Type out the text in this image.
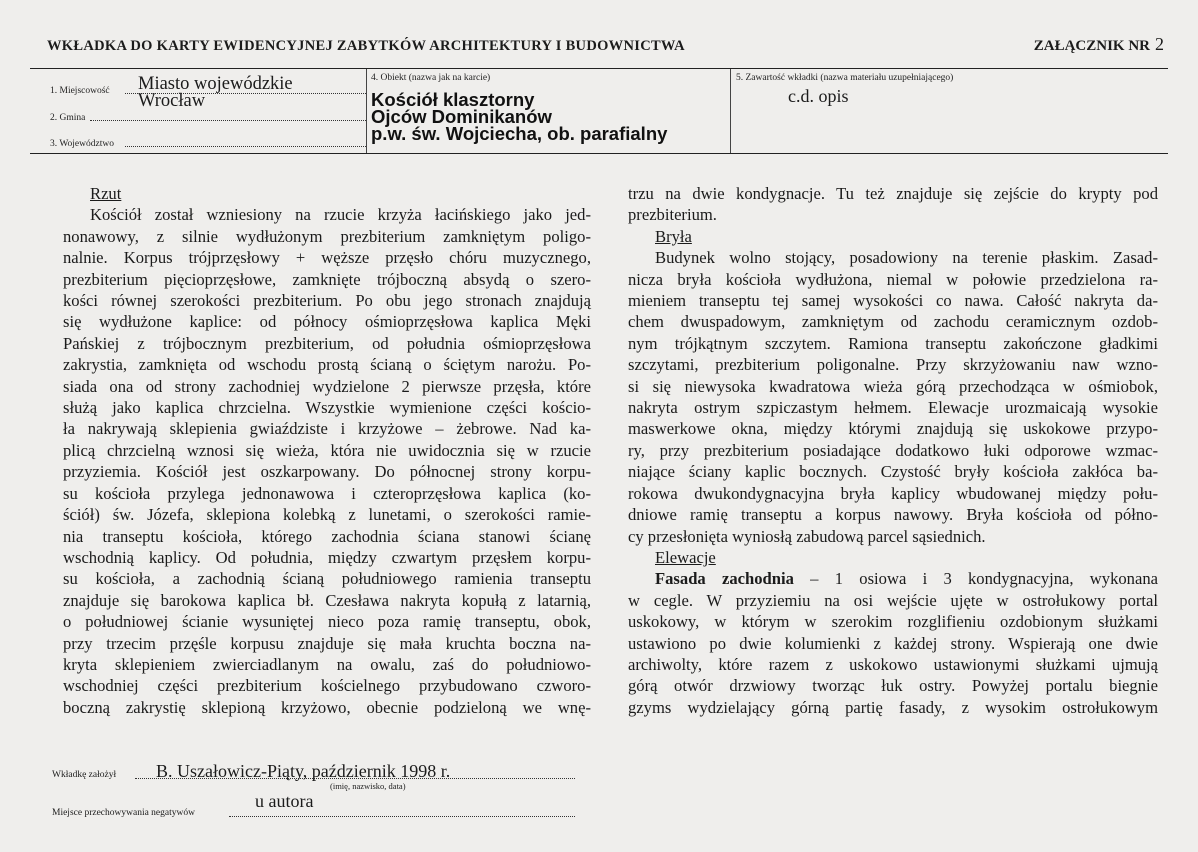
WKŁADKA DO KARTY EWIDENCYJNEJ ZABYTKÓW ARCHITEKTURY I BUDOWNICTWA	ZAŁĄCZNIK NR 2
1. Miejscowość Miasto wojewódzkie
Wrocław
2. Gmina
3. Województwo
4. Obiekt (nazwa jak na karcie)
Kościół klasztorny
Ojców Dominikanów
p.w. św. Wojciecha, ob. parafialny
5. Zawartość wkładki (nazwa materiału uzupełniającego)
c.d. opis
Rzut
Kościół został wzniesiony na rzucie krzyża łacińskiego jako jed-
nonawowy, z silnie wydłużonym prezbiterium zamkniętym poligo-
nalnie. Korpus trójprzęsłowy + węższe przęsło chóru muzycznego,
prezbiterium pięcioprzęsłowe, zamknięte trójboczną absydą o szero-
kości równej szerokości prezbiterium. Po obu jego stronach znajdują
się wydłużone kaplice: od północy ośmioprzęsłowa kaplica Męki
Pańskiej z trójbocznym prezbiterium, od południa ośmioprzęsłowa
zakrystia, zamknięta od wschodu prostą ścianą o ściętym narożu. Po-
siada ona od strony zachodniej wydzielone 2 pierwsze przęsła, które
służą jako kaplica chrzcielna. Wszystkie wymienione części kościo-
ła nakrywają sklepienia gwiaździste i krzyżowe – żebrowe. Nad ka-
plicą chrzcielną wznosi się wieża, która nie uwidocznia się w rzucie
przyziemia. Kościół jest oszkarpowany. Do północnej strony korpu-
su kościoła przylega jednonawowa i czteroprzęsłowa kaplica (ko-
ściół) św. Józefa, sklepiona kolebką z lunetami, o szerokości ramie-
nia transeptu kościoła, którego zachodnia ściana stanowi ścianę
wschodnią kaplicy. Od południa, między czwartym przęsłem korpu-
su kościoła, a zachodnią ścianą południowego ramienia transeptu
znajduje się barokowa kaplica bł. Czesława nakryta kopułą z latarnią,
o południowej ścianie wysuniętej nieco poza ramię transeptu, obok,
przy trzecim przęśle korpusu znajduje się mała kruchta boczna na-
kryta sklepieniem zwierciadlanym na owalu, zaś do południowo-
wschodniej części prezbiterium kościelnego przybudowano czworo-
boczną zakrystię sklepioną krzyżowo, obecnie podzieloną we wnę-
trzu na dwie kondygnacje. Tu też znajduje się zejście do krypty pod
prezbiterium.
Bryła
Budynek wolno stojący, posadowiony na terenie płaskim. Zasad-
nicza bryła kościoła wydłużona, niemal w połowie przedzielona ra-
mieniem transeptu tej samej wysokości co nawa. Całość nakryta da-
chem dwuspadowym, zamkniętym od zachodu ceramicznym ozdob-
nym trójkątnym szczytem. Ramiona transeptu zakończone gładkimi
szczytami, prezbiterium poligonalne. Przy skrzyżowaniu naw wzno-
si się niewysoka kwadratowa wieża górą przechodząca w ośmiobok,
nakryta ostrym szpiczastym hełmem. Elewacje urozmaicają wysokie
maswerkowe okna, między którymi znajdują się uskokowe przypo-
ry, przy prezbiterium posiadające dodatkowo łuki odporowe wzmac-
niające ściany kaplic bocznych. Czystość bryły kościoła zakłóca ba-
rokowa dwukondygnacyjna bryła kaplicy wbudowanej między połu-
dniowe ramię transeptu a korpus nawowy. Bryła kościoła od półno-
cy przesłonięta wyniosłą zabudową parcel sąsiednich.
Elewacje
Fasada zachodnia – 1 osiowa i 3 kondygnacyjna, wykonana
w cegle. W przyziemiu na osi wejście ujęte w ostrołukowy portal
uskokowy, w którym w szerokim rozglifieniu ozdobionym służkami
ustawiono po dwie kolumienki z każdej strony. Wspierają one dwie
archiwolty, które razem z uskokowo ustawionymi służkami ujmują
górą otwór drzwiowy tworząc łuk ostry. Powyżej portalu biegnie
gzyms wydzielający górną partię fasady, z wysokim ostrołukowym
Wkładkę założył B. Uszałowicz-Piąty, październik 1998 r.
(imię, nazwisko, data)
u autora
Miejsce przechowywania negatywów
